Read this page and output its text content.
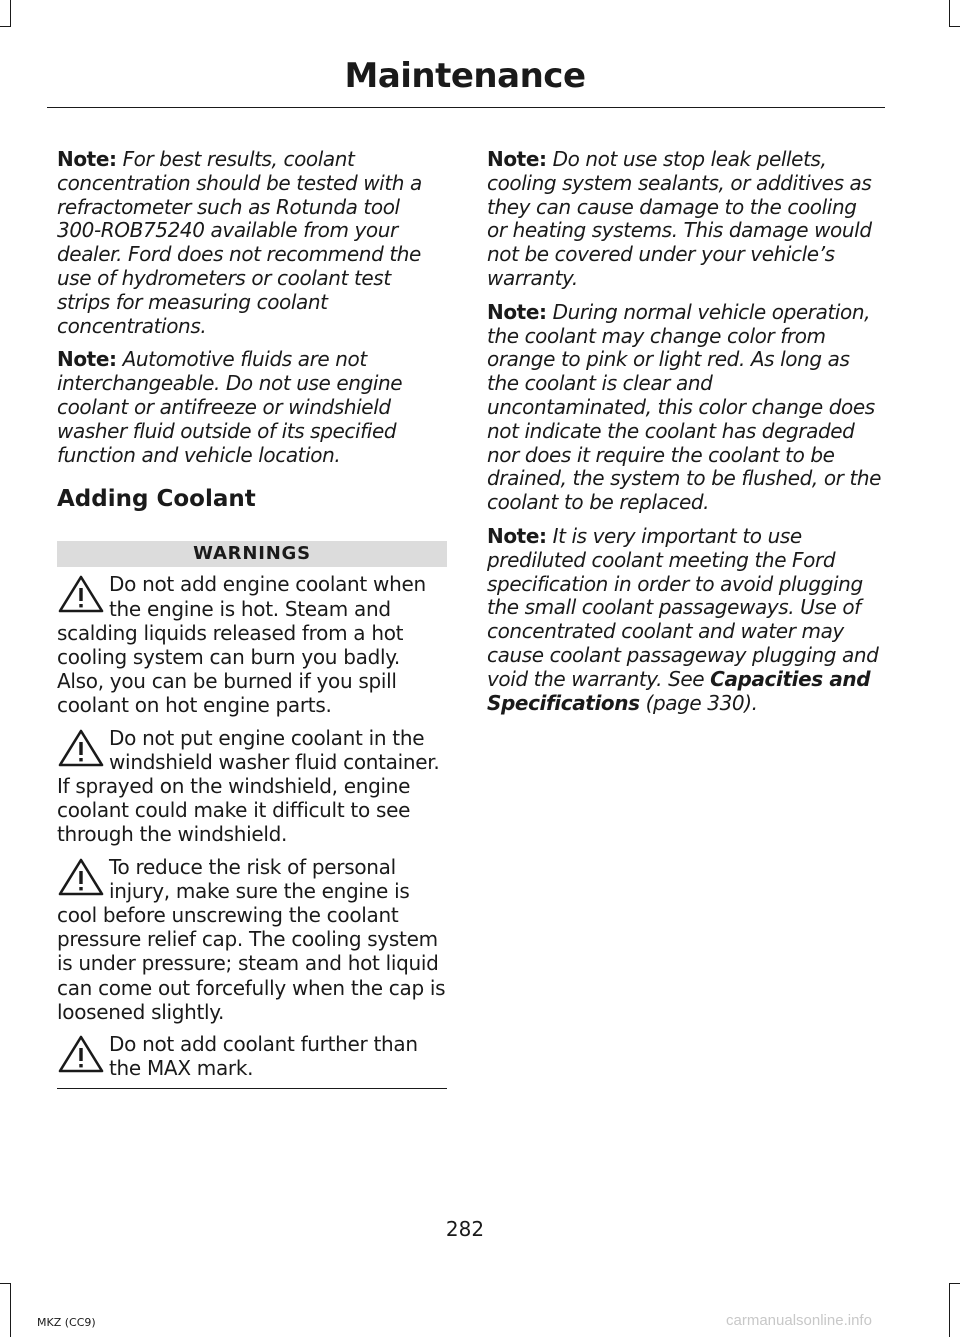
Maintenance

Note: For best results, coolant concentration should be tested with a refractometer such as Rotunda tool 300-ROB75240 available from your dealer. Ford does not recommend the use of hydrometers or coolant test strips for measuring coolant concentrations.

Note: Automotive fluids are not interchangeable. Do not use engine coolant or antifreeze or windshield washer fluid outside of its specified function and vehicle location.

Adding Coolant
WARNINGS
Do not add engine coolant when the engine is hot. Steam and scalding liquids released from a hot cooling system can burn you badly. Also, you can be burned if you spill coolant on hot engine parts.
Do not put engine coolant in the windshield washer fluid container. If sprayed on the windshield, engine coolant could make it difficult to see through the windshield.
To reduce the risk of personal injury, make sure the engine is cool before unscrewing the coolant pressure relief cap. The cooling system is under pressure; steam and hot liquid can come out forcefully when the cap is loosened slightly.
Do not add coolant further than the MAX mark.

Note: Do not use stop leak pellets, cooling system sealants, or additives as they can cause damage to the cooling or heating systems. This damage would not be covered under your vehicle’s warranty.

Note: During normal vehicle operation, the coolant may change color from orange to pink or light red. As long as the coolant is clear and uncontaminated, this color change does not indicate the coolant has degraded nor does it require the coolant to be drained, the system to be flushed, or the coolant to be replaced.

Note: It is very important to use prediluted coolant meeting the Ford specification in order to avoid plugging the small coolant passageways. Use of concentrated coolant and water may cause coolant passageway plugging and void the warranty. See Capacities and Specifications (page 330).

282
MKZ (CC9)	carmanualsonline.info
